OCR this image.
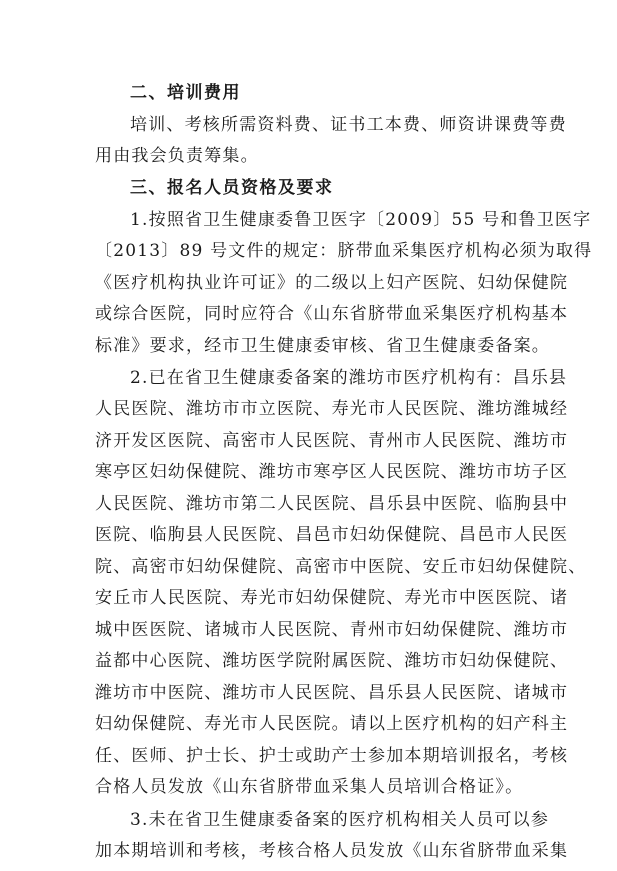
二、培训费用
培训、考核所需资料费、证书工本费、师资讲课费等费
用由我会负责筹集。
三、报名人员资格及要求
1.按照省卫生健康委鲁卫医字〔2009〕55 号和鲁卫医字
〔2013〕89 号文件的规定：脐带血采集医疗机构必须为取得
《医疗机构执业许可证》的二级以上妇产医院、妇幼保健院
或综合医院，同时应符合《山东省脐带血采集医疗机构基本
标准》要求，经市卫生健康委审核、省卫生健康委备案。
2.已在省卫生健康委备案的潍坊市医疗机构有：昌乐县
人民医院、潍坊市市立医院、寿光市人民医院、潍坊潍城经
济开发区医院、高密市人民医院、青州市人民医院、潍坊市
寒亭区妇幼保健院、潍坊市寒亭区人民医院、潍坊市坊子区
人民医院、潍坊市第二人民医院、昌乐县中医院、临朐县中
医院、临朐县人民医院、昌邑市妇幼保健院、昌邑市人民医
院、高密市妇幼保健院、高密市中医院、安丘市妇幼保健院、
安丘市人民医院、寿光市妇幼保健院、寿光市中医医院、诸
城中医医院、诸城市人民医院、青州市妇幼保健院、潍坊市
益都中心医院、潍坊医学院附属医院、潍坊市妇幼保健院、
潍坊市中医院、潍坊市人民医院、昌乐县人民医院、诸城市
妇幼保健院、寿光市人民医院。请以上医疗机构的妇产科主
任、医师、护士长、护士或助产士参加本期培训报名，考核
合格人员发放《山东省脐带血采集人员培训合格证》。
3.未在省卫生健康委备案的医疗机构相关人员可以参
加本期培训和考核，考核合格人员发放《山东省脐带血采集
